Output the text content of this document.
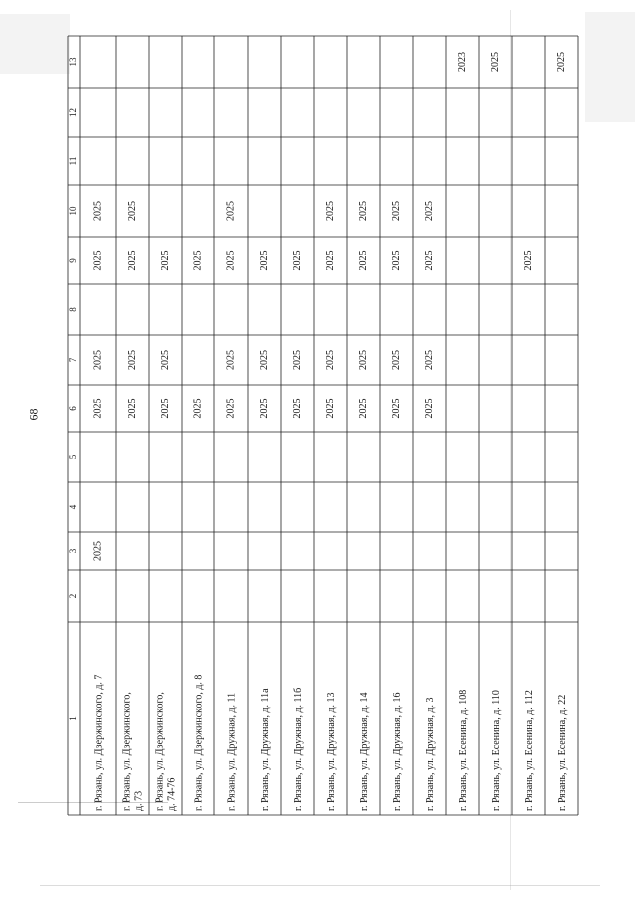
68
1
2
3
4
5
6
7
8
9
10
11
12
13
г. Рязань, ул. Дзержинского, д. 7
2025
2025
2025
2025
2025
г. Рязань, ул. Дзержинского, д. 73
2025
2025
2025
2025
г. Рязань, ул. Дзержинского, д. 74-76
2025
2025
2025
г. Рязань, ул. Дзержинского, д. 8
2025
2025
г. Рязань, ул. Дружная, д. 11
2025
2025
2025
2025
г. Рязань, ул. Дружная, д. 11а
2025
2025
2025
г. Рязань, ул. Дружная, д. 11б
2025
2025
2025
г. Рязань, ул. Дружная, д. 13
2025
2025
2025
2025
г. Рязань, ул. Дружная, д. 14
2025
2025
2025
2025
г. Рязань, ул. Дружная, д. 16
2025
2025
2025
2025
г. Рязань, ул. Дружная, д. 3
2025
2025
2025
2025
г. Рязань, ул. Есенина, д. 108
2023
г. Рязань, ул. Есенина, д. 110
2025
г. Рязань, ул. Есенина, д. 112
2025
г. Рязань, ул. Есенина, д. 22
2025
